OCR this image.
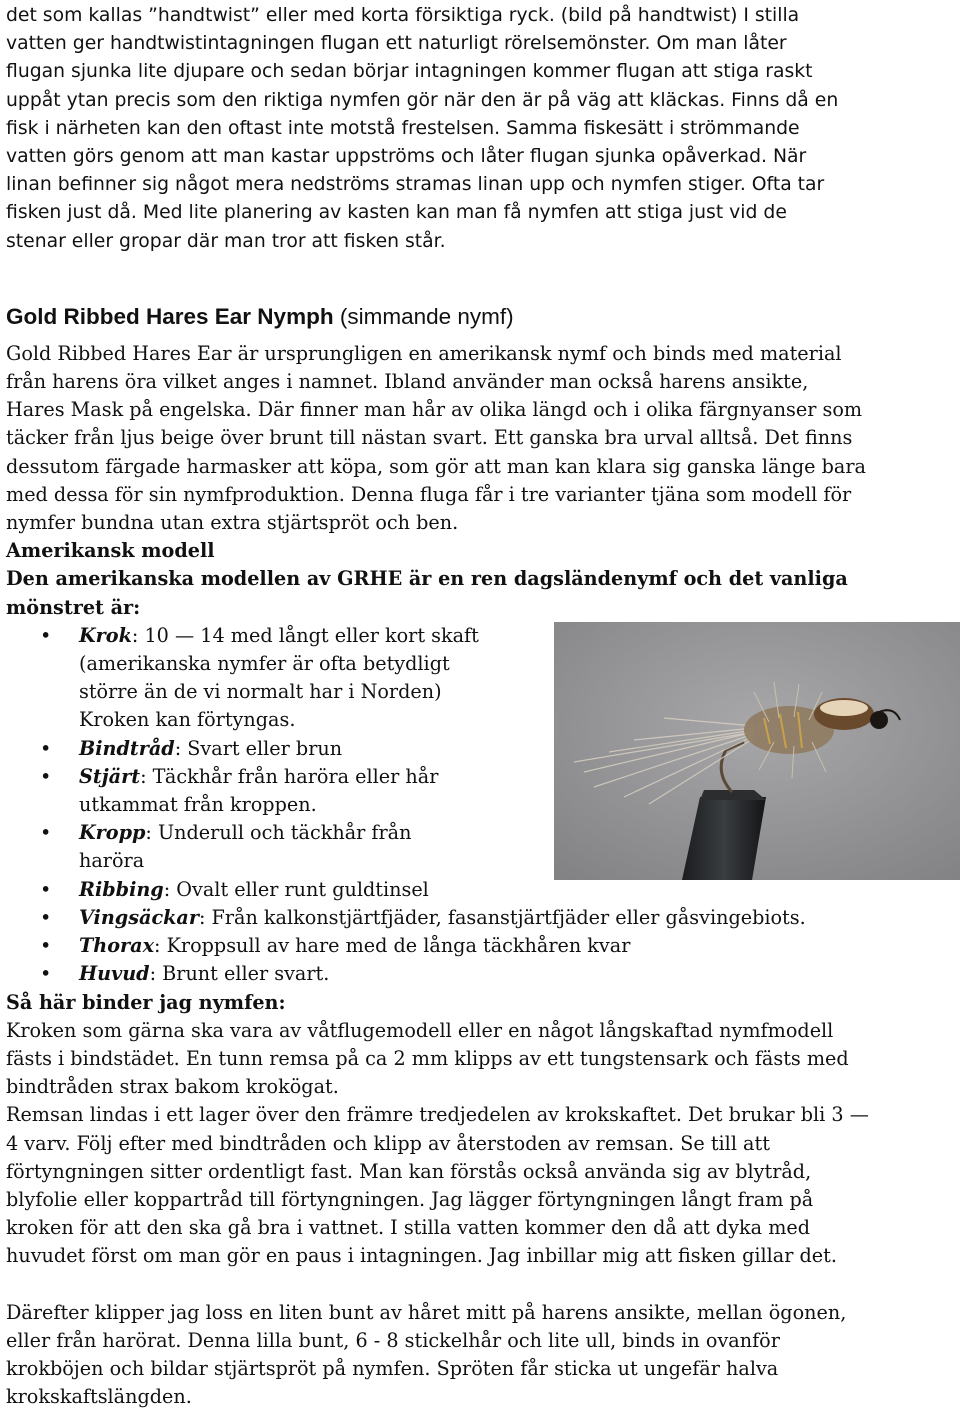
det som kallas ”handtwist” eller med korta försiktiga ryck. (bild på handtwist) I stilla

vatten ger handtwistintagningen flugan ett naturligt rörelsemönster. Om man låter

flugan sjunka lite djupare och sedan börjar intagningen kommer flugan att stiga raskt

uppåt ytan precis som den riktiga nymfen gör när den är på väg att kläckas. Finns då en

fisk i närheten kan den oftast inte motstå frestelsen. Samma fiskesätt i strömmande

vatten görs genom att man kastar uppströms och låter flugan sjunka opåverkad. När

linan befinner sig något mera nedströms stramas linan upp och nymfen stiger. Ofta tar

fisken just då. Med lite planering av kasten kan man få nymfen att stiga just vid de

stenar eller gropar där man tror att fisken står.

Gold Ribbed Hares Ear Nymph (simmande nymf)

Gold Ribbed Hares Ear är ursprungligen en amerikansk nymf och binds med material

från harens öra vilket anges i namnet. Ibland använder man också harens ansikte,

Hares Mask på engelska. Där finner man hår av olika längd och i olika färgnyanser som

täcker från ljus beige över brunt till nästan svart. Ett ganska bra urval alltså. Det finns

dessutom färgade harmasker att köpa, som gör att man kan klara sig ganska länge bara

med dessa för sin nymfproduktion. Denna fluga får i tre varianter tjäna som modell för

nymfer bundna utan extra stjärtspröt och ben.

Amerikansk modell

Den amerikanska modellen av GRHE är en ren dagsländenymf och det vanliga

mönstret är:

• Krok: 10 — 14 med långt eller kort skaft
(amerikanska nymfer är ofta betydligt
större än de vi normalt har i Norden)
Kroken kan förtyngas.
• Bindtråd: Svart eller brun
• Stjärt: Täckhår från haröra eller hår
utkammat från kroppen.
• Kropp: Underull och täckhår från
haröra
• Ribbing: Ovalt eller runt guldtinsel
• Vingsäckar: Från kalkonstjärtfjäder, fasanstjärtfjäder eller gåsvingebiots.
• Thorax: Kroppsull av hare med de långa täckhåren kvar
• Huvud: Brunt eller svart.

Så här binder jag nymfen:

Kroken som gärna ska vara av våtflugemodell eller en något långskaftad nymfmodell

fästs i bindstädet. En tunn remsa på ca 2 mm klipps av ett tungstensark och fästs med

bindtråden strax bakom krokögat.

Remsan lindas i ett lager över den främre tredjedelen av krokskaftet. Det brukar bli 3 —

4 varv. Följ efter med bindtråden och klipp av återstoden av remsan. Se till att

förtyngningen sitter ordentligt fast. Man kan förstås också använda sig av blytråd,

blyfolie eller koppartråd till förtyngningen. Jag lägger förtyngningen långt fram på

kroken för att den ska gå bra i vattnet. I stilla vatten kommer den då att dyka med

huvudet först om man gör en paus i intagningen. Jag inbillar mig att fisken gillar det.

Därefter klipper jag loss en liten bunt av håret mitt på harens ansikte, mellan ögonen,

eller från harörat. Denna lilla bunt, 6 - 8 stickelhår och lite ull, binds in ovanför

krokböjen och bildar stjärtspröt på nymfen. Spröten får sticka ut ungefär halva

krokskaftslängden.
